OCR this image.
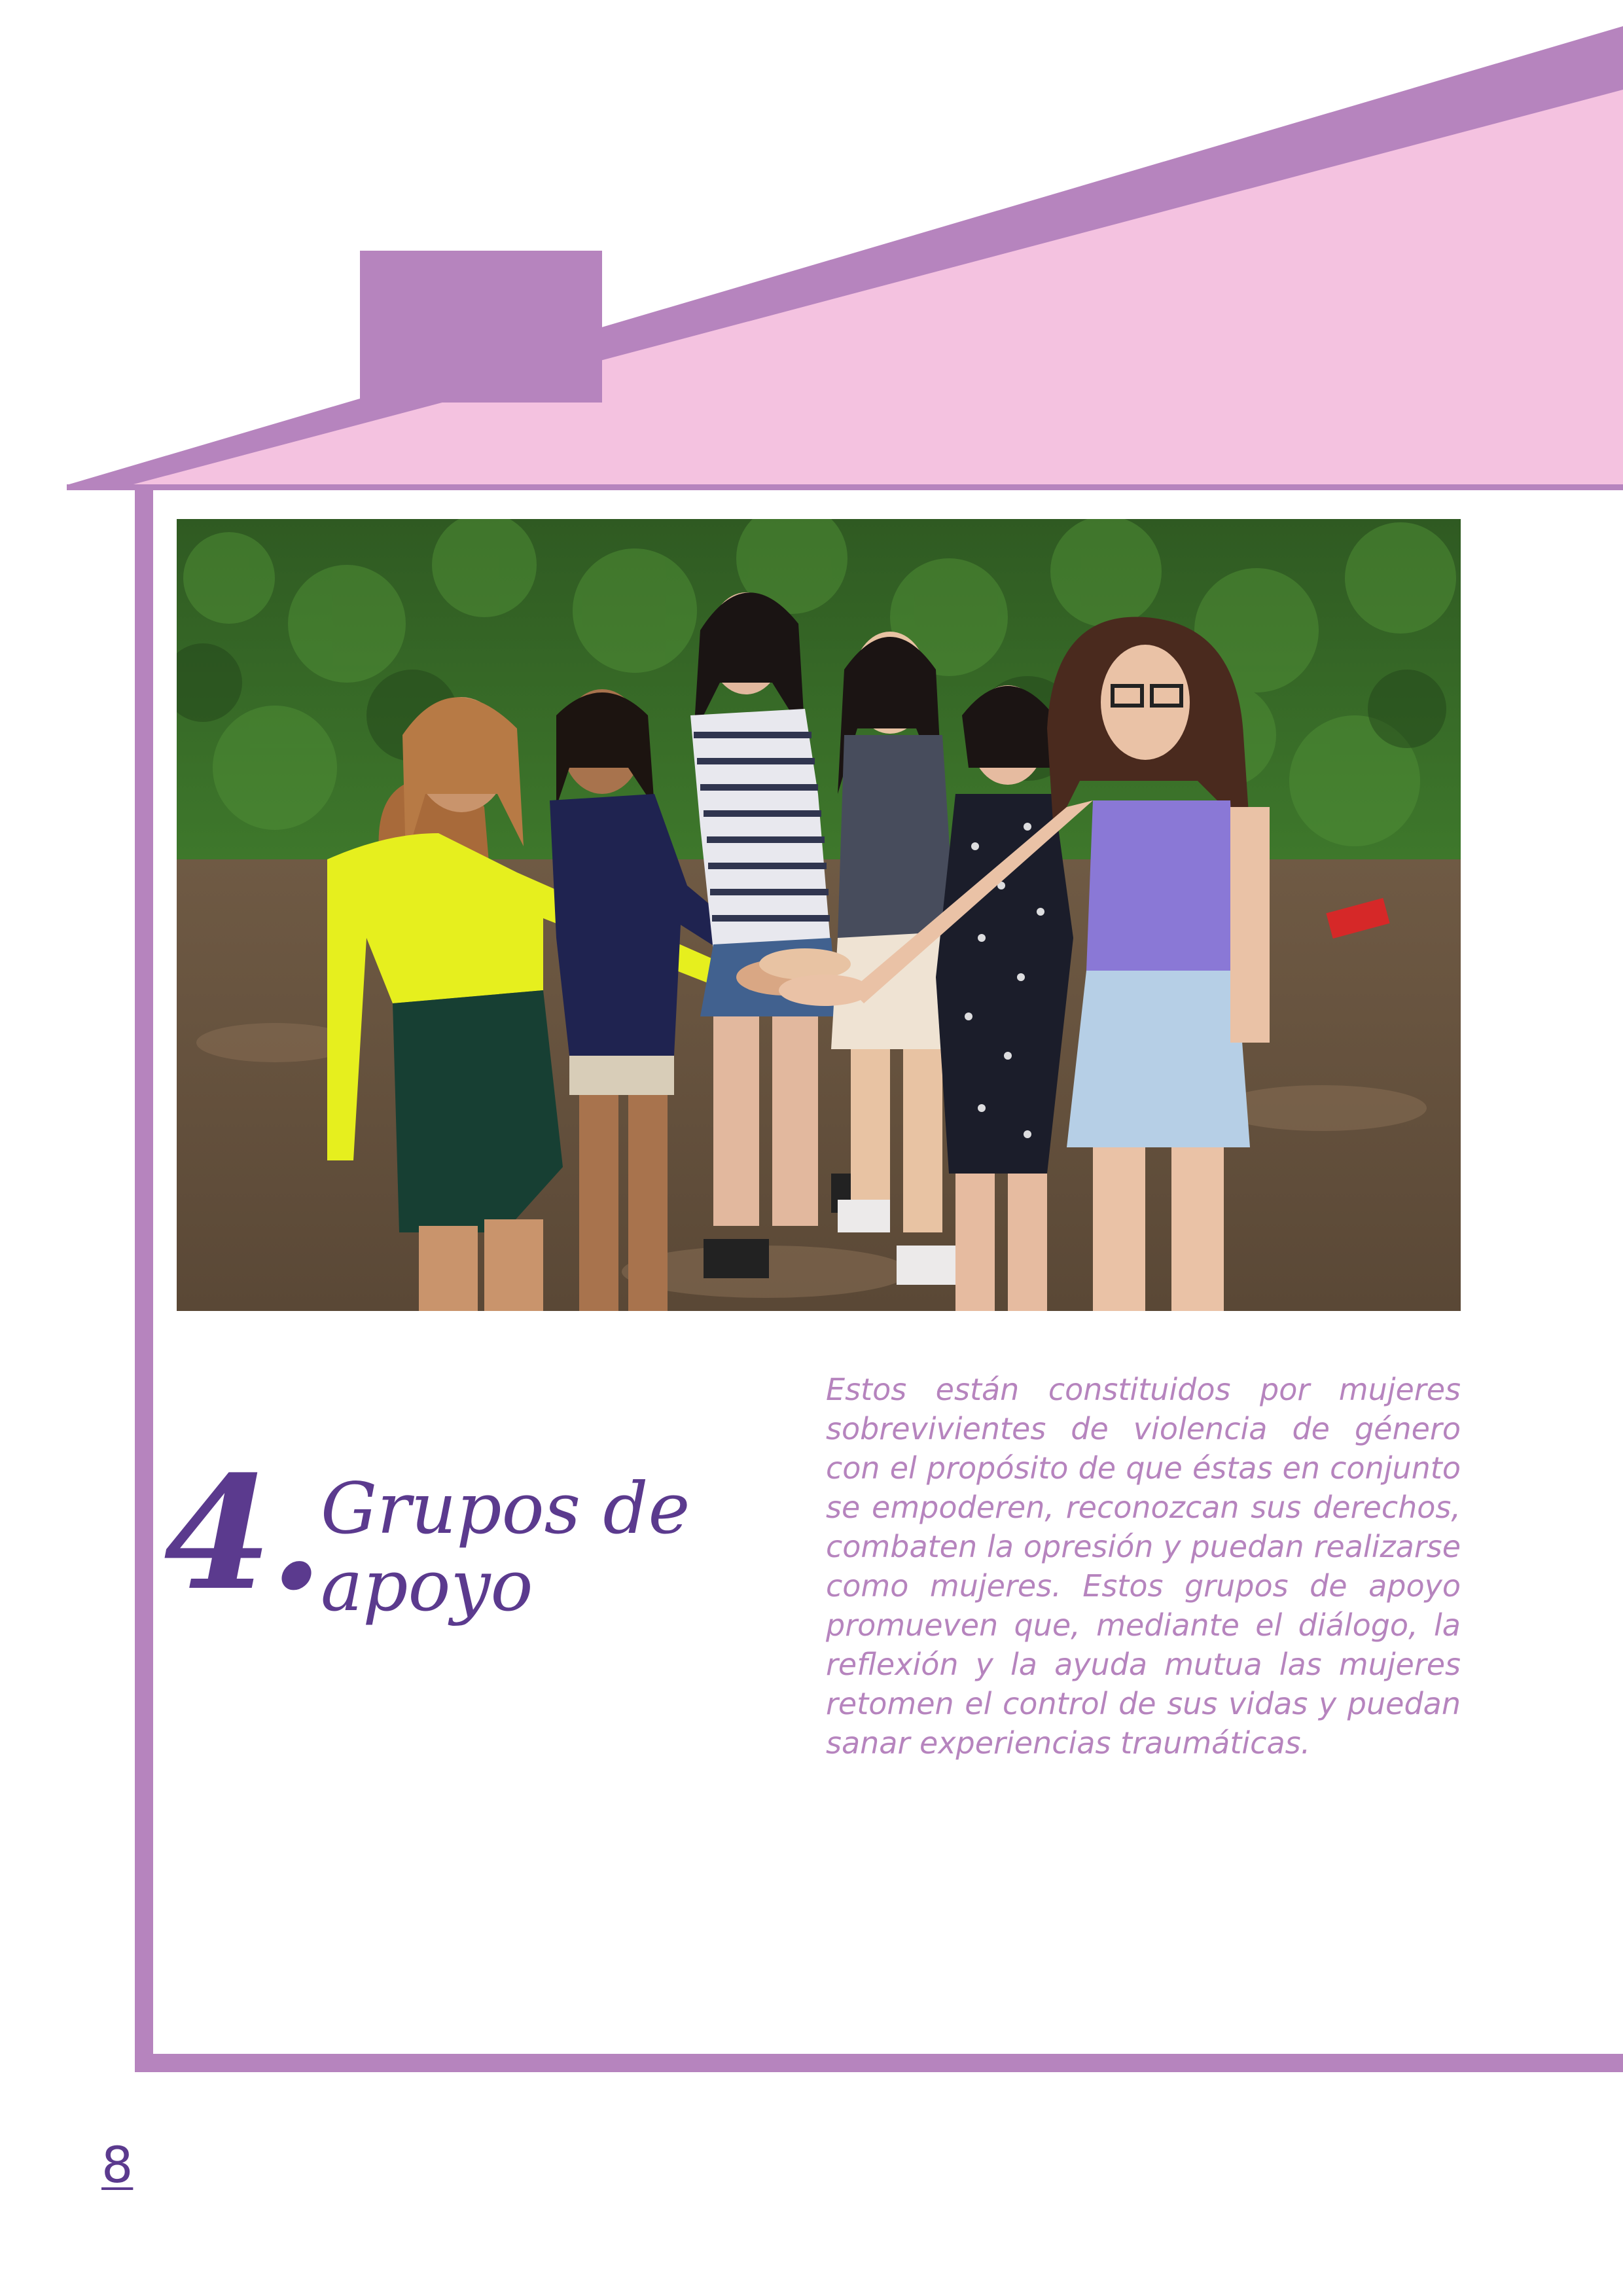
4. Grupos de apoyo

Estos están constituidos por mujeres sobrevivientes de violencia de género con el propósito de que éstas en conjunto se empoderen, reconozcan sus derechos, combaten la opresión y puedan realizarse como mujeres. Estos grupos de apoyo promueven que, mediante el diálogo, la reflexión y la ayuda mutua las mujeres retomen el control de sus vidas y puedan sanar experiencias traumáticas.

8
